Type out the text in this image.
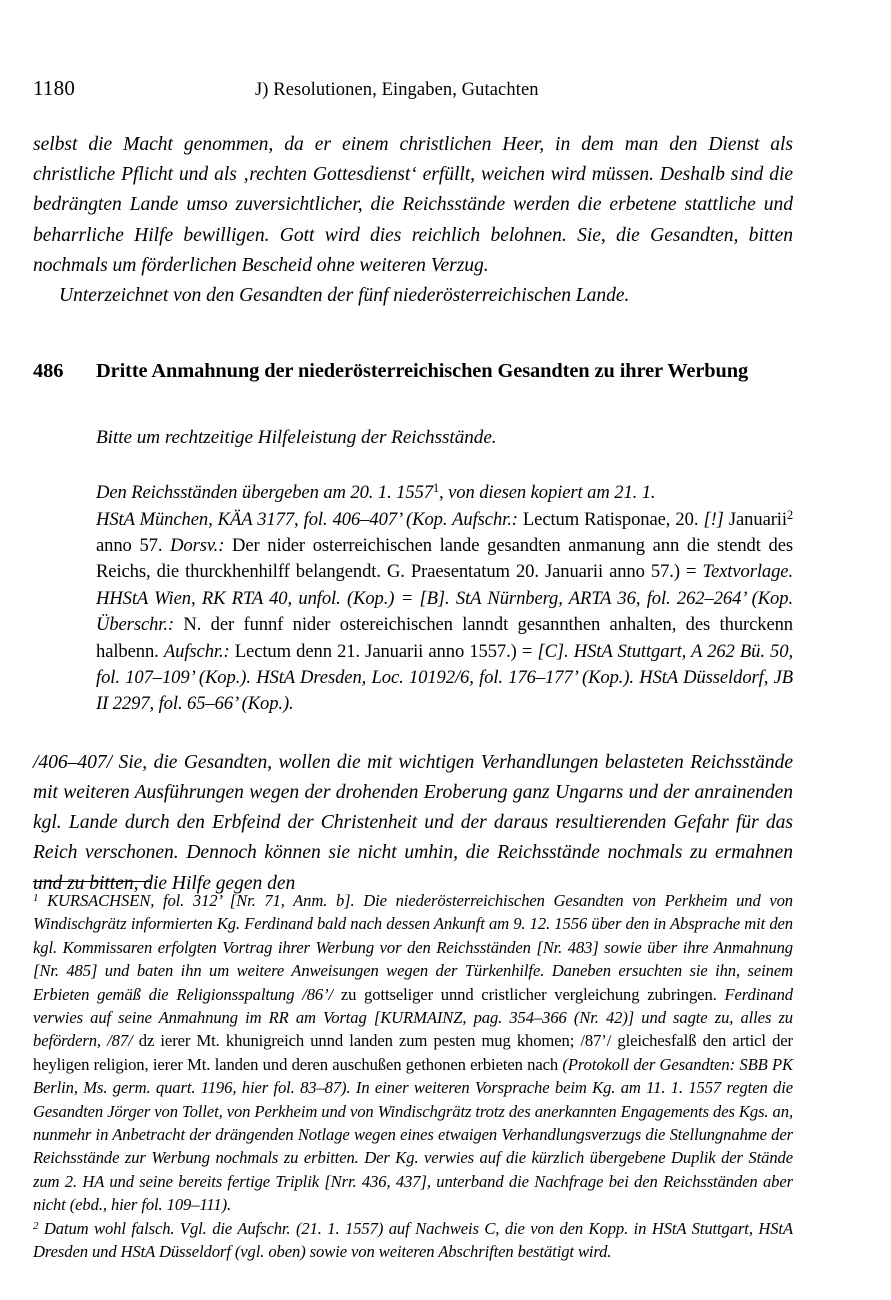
1180	J) Resolutionen, Eingaben, Gutachten

selbst die Macht genommen, da er einem christlichen Heer, in dem man den Dienst als christliche Pflicht und als ‚rechten Gottesdienst‘ erfüllt, weichen wird müssen. Deshalb sind die bedrängten Lande umso zuversichtlicher, die Reichsstände werden die erbetene stattliche und beharrliche Hilfe bewilligen. Gott wird dies reichlich belohnen. Sie, die Gesandten, bitten nochmals um förderlichen Bescheid ohne weiteren Verzug.

Unterzeichnet von den Gesandten der fünf niederösterreichischen Lande.

486 Dritte Anmahnung der niederösterreichischen Gesandten zu ihrer Werbung
Bitte um rechtzeitige Hilfeleistung der Reichsstände.
Den Reichsständen übergeben am 20. 1. 1557$^1$, von diesen kopiert am 21. 1.
HStA München, KÄA 3177, fol. 406–407’ (Kop. Aufschr.: Lectum Ratisponae, 20. [!] Januarii$^2$ anno 57. Dorsv.: Der nider osterreichischen lande gesandten anmanung ann die stendt des Reichs, die thurckhenhilff belangendt. G. Praesentatum 20. Januarii anno 57.) = Textvorlage. HHStA Wien, RK RTA 40, unfol. (Kop.) = [B]. StA Nürnberg, ARTA 36, fol. 262–264’ (Kop. Überschr.: N. der funnf nider ostereichischen lanndt gesannthen anhalten, des thurckenn halbenn. Aufschr.: Lectum denn 21. Januarii anno 1557.) = [C]. HStA Stuttgart, A 262 Bü. 50, fol. 107–109’ (Kop.). HStA Dresden, Loc. 10192/6, fol. 176–177’ (Kop.). HStA Düsseldorf, JB II 2297, fol. 65–66’ (Kop.).

/406–407/ Sie, die Gesandten, wollen die mit wichtigen Verhandlungen belasteten Reichsstände mit weiteren Ausführungen wegen der drohenden Eroberung ganz Ungarns und der anrainenden kgl. Lande durch den Erbfeind der Christenheit und der daraus resultierenden Gefahr für das Reich verschonen. Dennoch können sie nicht umhin, die Reichsstände nochmals zu ermahnen und zu bitten, die Hilfe gegen den

$^1$ KURSACHSEN, fol. 312’ [Nr. 71, Anm. b]. Die niederösterreichischen Gesandten von Perkheim und von Windischgrätz informierten Kg. Ferdinand bald nach dessen Ankunft am 9. 12. 1556 über den in Absprache mit den kgl. Kommissaren erfolgten Vortrag ihrer Werbung vor den Reichsständen [Nr. 483] sowie über ihre Anmahnung [Nr. 485] und baten ihn um weitere Anweisungen wegen der Türkenhilfe. Daneben ersuchten sie ihn, seinem Erbieten gemäß die Religionsspaltung /86’/ zu gottseliger unnd cristlicher vergleichung zubringen. Ferdinand verwies auf seine Anmahnung im RR am Vortag [KURMAINZ, pag. 354–366 (Nr. 42)] und sagte zu, alles zu befördern, /87/ dz ierer Mt. khunigreich unnd landen zum pesten mug khomen; /87’/ gleichesfalß den articl der heyligen religion, ierer Mt. landen und deren auschußen gethonen erbieten nach (Protokoll der Gesandten: SBB PK Berlin, Ms. germ. quart. 1196, hier fol. 83–87). In einer weiteren Vorsprache beim Kg. am 11. 1. 1557 regten die Gesandten Jörger von Tollet, von Perkheim und von Windischgrätz trotz des anerkannten Engagements des Kgs. an, nunmehr in Anbetracht der drängenden Notlage wegen eines etwaigen Verhandlungsverzugs die Stellungnahme der Reichsstände zur Werbung nochmals zu erbitten. Der Kg. verwies auf die kürzlich übergebene Duplik der Stände zum 2. HA und seine bereits fertige Triplik [Nrr. 436, 437], unterband die Nachfrage bei den Reichsständen aber nicht (ebd., hier fol. 109–111).

$^2$ Datum wohl falsch. Vgl. die Aufschr. (21. 1. 1557) auf Nachweis C, die von den Kopp. in HStA Stuttgart, HStA Dresden und HStA Düsseldorf (vgl. oben) sowie von weiteren Abschriften bestätigt wird.
